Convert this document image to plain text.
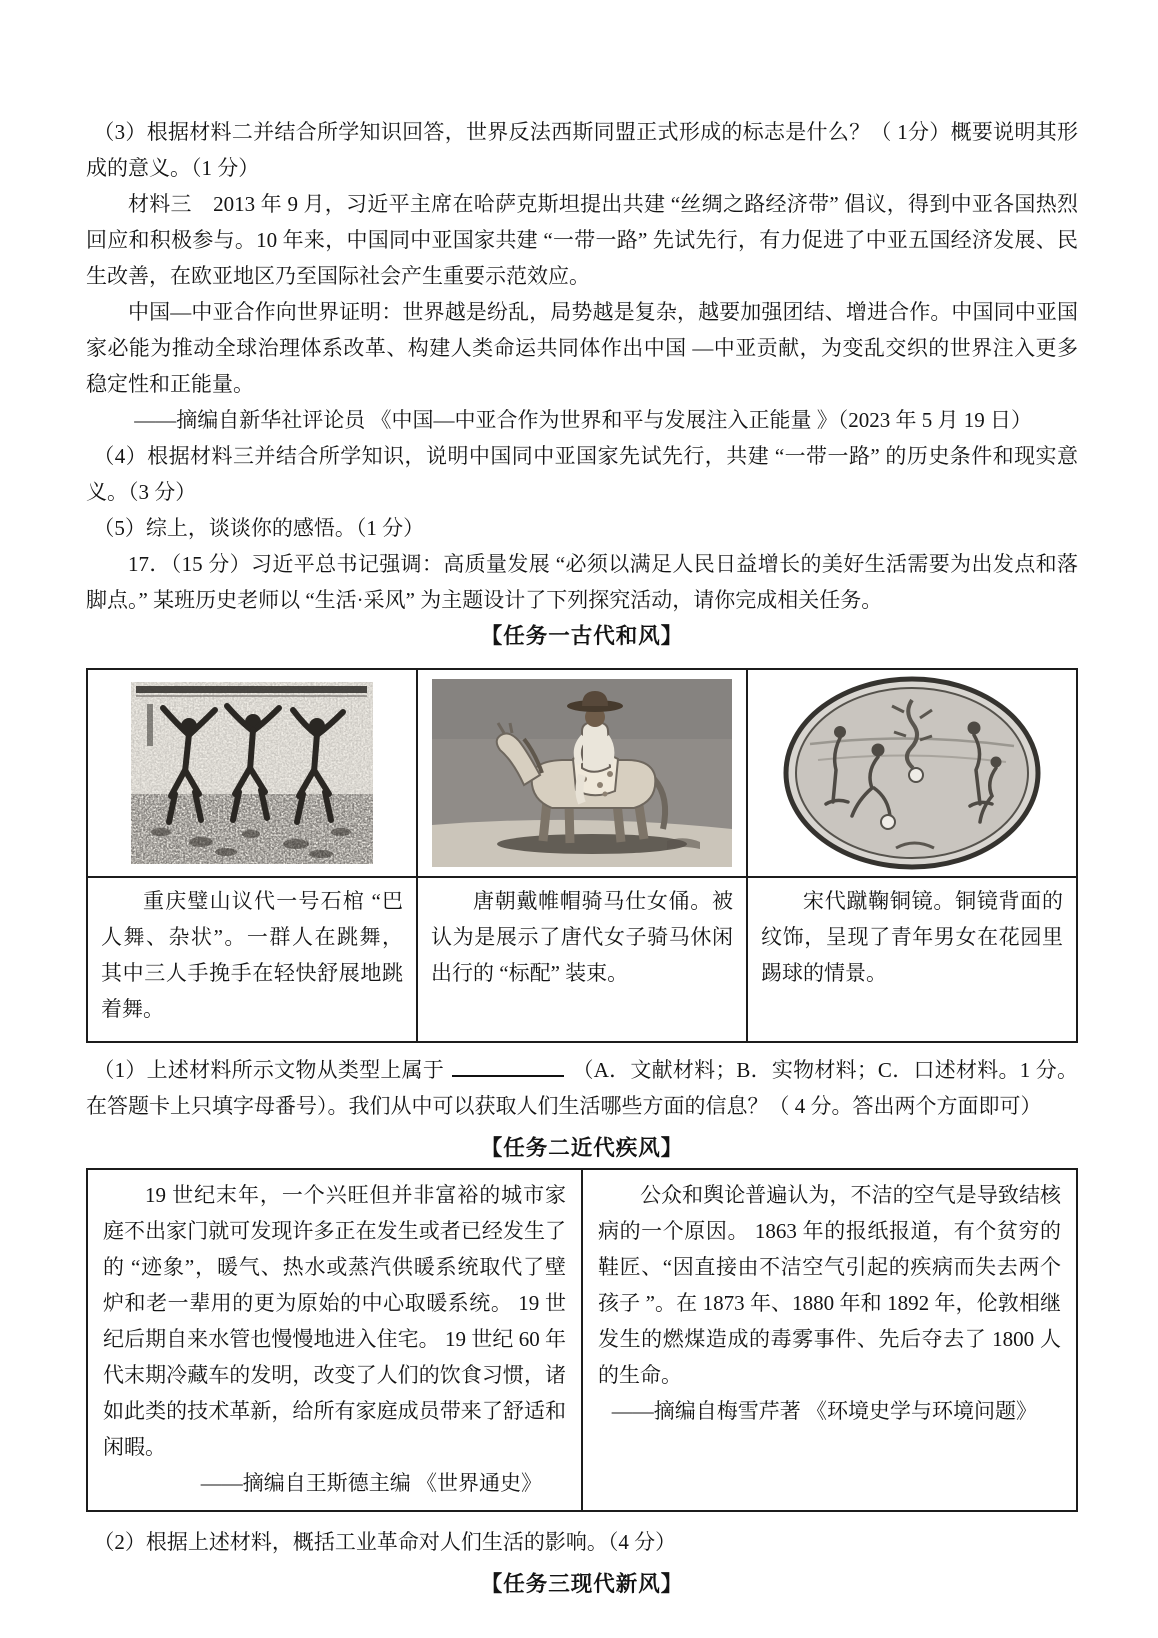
（3）根据材料二并结合所学知识回答，世界反法西斯同盟正式形成的标志是什么？（ 1分）概要说明其形成的意义。（1 分）

材料三　2013 年 9 月，习近平主席在哈萨克斯坦提出共建 “丝绸之路经济带” 倡议，得到中亚各国热烈回应和积极参与。10 年来，中国同中亚国家共建 “一带一路” 先试先行，有力促进了中亚五国经济发展、民生改善，在欧亚地区乃至国际社会产生重要示范效应。

中国—中亚合作向世界证明：世界越是纷乱，局势越是复杂，越要加强团结、增进合作。中国同中亚国家必能为推动全球治理体系改革、构建人类命运共同体作出中国 —中亚贡献，为变乱交织的世界注入更多稳定性和正能量。

——摘编自新华社评论员 《中国—中亚合作为世界和平与发展注入正能量 》（2023 年 5 月 19 日）

（4）根据材料三并结合所学知识，说明中国同中亚国家先试先行，共建 “一带一路” 的历史条件和现实意义。（3 分）

（5）综上，谈谈你的感悟。（1 分）

17．（15 分）习近平总书记强调：高质量发展 “必须以满足人民日益增长的美好生活需要为出发点和落脚点。” 某班历史老师以 “生活·采风” 为主题设计了下列探究活动，请你完成相关任务。

【任务一古代和风】

重庆璧山议代一号石棺 “巴人舞、杂状”。一群人在跳舞，其中三人手挽手在轻快舒展地跳着舞。	唐朝戴帷帽骑马仕女俑。被认为是展示了唐代女子骑马休闲出行的 “标配” 装束。	宋代蹴鞠铜镜。铜镜背面的纹饰，呈现了青年男女在花园里踢球的情景。

（1）上述材料所示文物从类型上属于	（A．文献材料；B．实物材料；C．口述材料。1 分。在答题卡上只填字母番号）。我们从中可以获取人们生活哪些方面的信息？（ 4 分。答出两个方面即可）

【任务二近代疾风】

19 世纪末年，一个兴旺但并非富裕的城市家庭不出家门就可发现许多正在发生或者已经发生了的 “迹象”，暖气、热水或蒸汽供暖系统取代了壁炉和老一辈用的更为原始的中心取暖系统。 19 世纪后期自来水管也慢慢地进入住宅。 19 世纪 60 年代末期冷藏车的发明，改变了人们的饮食习惯，诸如此类的技术革新，给所有家庭成员带来了舒适和闲暇。

——摘编自王斯德主编 《世界通史》

公众和舆论普遍认为，不洁的空气是导致结核病的一个原因。 1863 年的报纸报道，有个贫穷的鞋匠、“因直接由不洁空气引起的疾病而失去两个孩子 ”。在 1873 年、1880 年和 1892 年，伦敦相继发生的燃煤造成的毒雾事件、先后夺去了 1800 人的生命。

——摘编自梅雪芹著 《环境史学与环境问题》

（2）根据上述材料，概括工业革命对人们生活的影响。（4 分）

【任务三现代新风】
